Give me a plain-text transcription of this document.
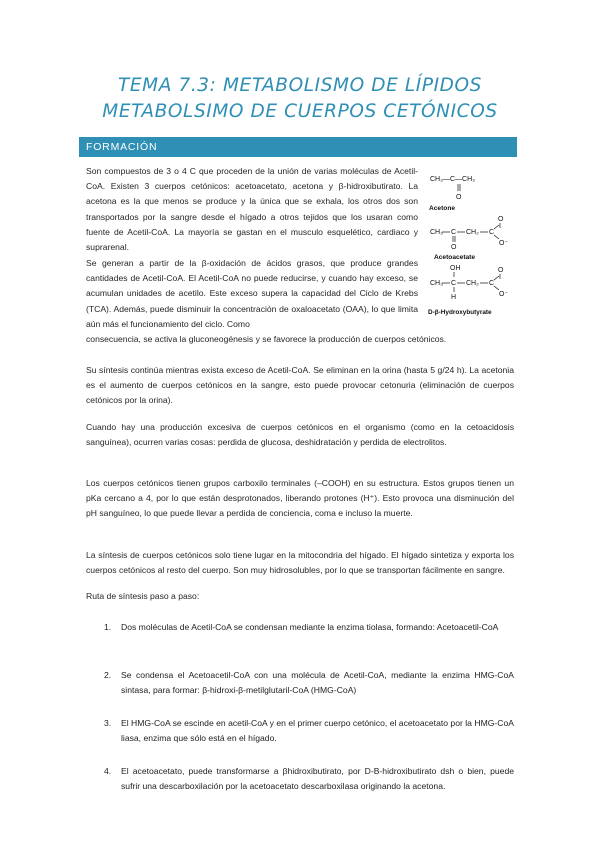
TEMA 7.3: METABOLISMO DE LÍPIDOS
METABOLSIMO DE CUERPOS CETÓNICOS
FORMACIÓN
CH₃—C—CH₃
O
Acetone
O
CH₃ C CH₂ C
O
O⁻
Acetoacetate
OH	O
CH₃ C CH₂ C
H	O⁻
D-β-Hydroxybutyrate
Son compuestos de 3 o 4 C que proceden de la unión de varias moléculas de Acetil-CoA. Existen 3 cuerpos cetónicos: acetoacetato, acetona y β-hidroxibutirato. La acetona es la que menos se produce y la única que se exhala, los otros dos son transportados por la sangre desde el hígado a otros tejidos que los usaran como fuente de Acetil-CoA. La mayoría se gastan en el musculo esquelético, cardiaco y suprarenal.
Se generan a partir de la β-oxidación de ácidos grasos, que produce grandes cantidades de Acetil-CoA. El Acetil-CoA no puede reducirse, y cuando hay exceso, se acumulan unidades de acetilo. Este exceso supera la capacidad del Ciclo de Krebs (TCA). Además, puede disminuir la concentración de oxaloacetato (OAA), lo que limita aún más el funcionamiento del ciclo. Como
consecuencia, se activa la gluconeogénesis y se favorece la producción de cuerpos cetónicos.
Su síntesis continúa mientras exista exceso de Acetil-CoA. Se eliminan en la orina (hasta 5 g/24 h). La acetonia es el aumento de cuerpos cetónicos en la sangre, esto puede provocar cetonuria (eliminación de cuerpos cetónicos por la orina).
Cuando hay una producción excesiva de cuerpos cetónicos en el organismo (como en la cetoacidosis sanguínea), ocurren varias cosas: perdida de glucosa, deshidratación y perdida de electrolitos.
Los cuerpos cetónicos tienen grupos carboxilo terminales (–COOH) en su estructura. Estos grupos tienen un pKa cercano a 4, por lo que están desprotonados, liberando protones (H⁺). Esto provoca una disminución del pH sanguíneo, lo que puede llevar a perdida de conciencia, coma e incluso la muerte.
La síntesis de cuerpos cetónicos solo tiene lugar en la mitocondria del hígado. El hígado sintetiza y exporta los cuerpos cetónicos al resto del cuerpo. Son muy hidrosolubles, por lo que se transportan fácilmente en sangre.
Ruta de síntesis paso a paso:
1. Dos moléculas de Acetil-CoA se condensan mediante la enzima tiolasa, formando: Acetoacetil-CoA
2. Se condensa el Acetoacetil-CoA con una molécula de Acetil-CoA, mediante la enzima HMG-CoA sintasa, para formar: β-hidroxi-β-metilglutaril-CoA (HMG-CoA)
3. El HMG-CoA se escinde en acetil-CoA y en el primer cuerpo cetónico, el acetoacetato por la HMG-CoA liasa, enzima que sólo está en el hígado.
4. El acetoacetato, puede transformarse a βhidroxibutirato, por D-B-hidroxibutirato dsh o bien, puede sufrir una descarboxilación por la acetoacetato descarboxilasa originando la acetona.
